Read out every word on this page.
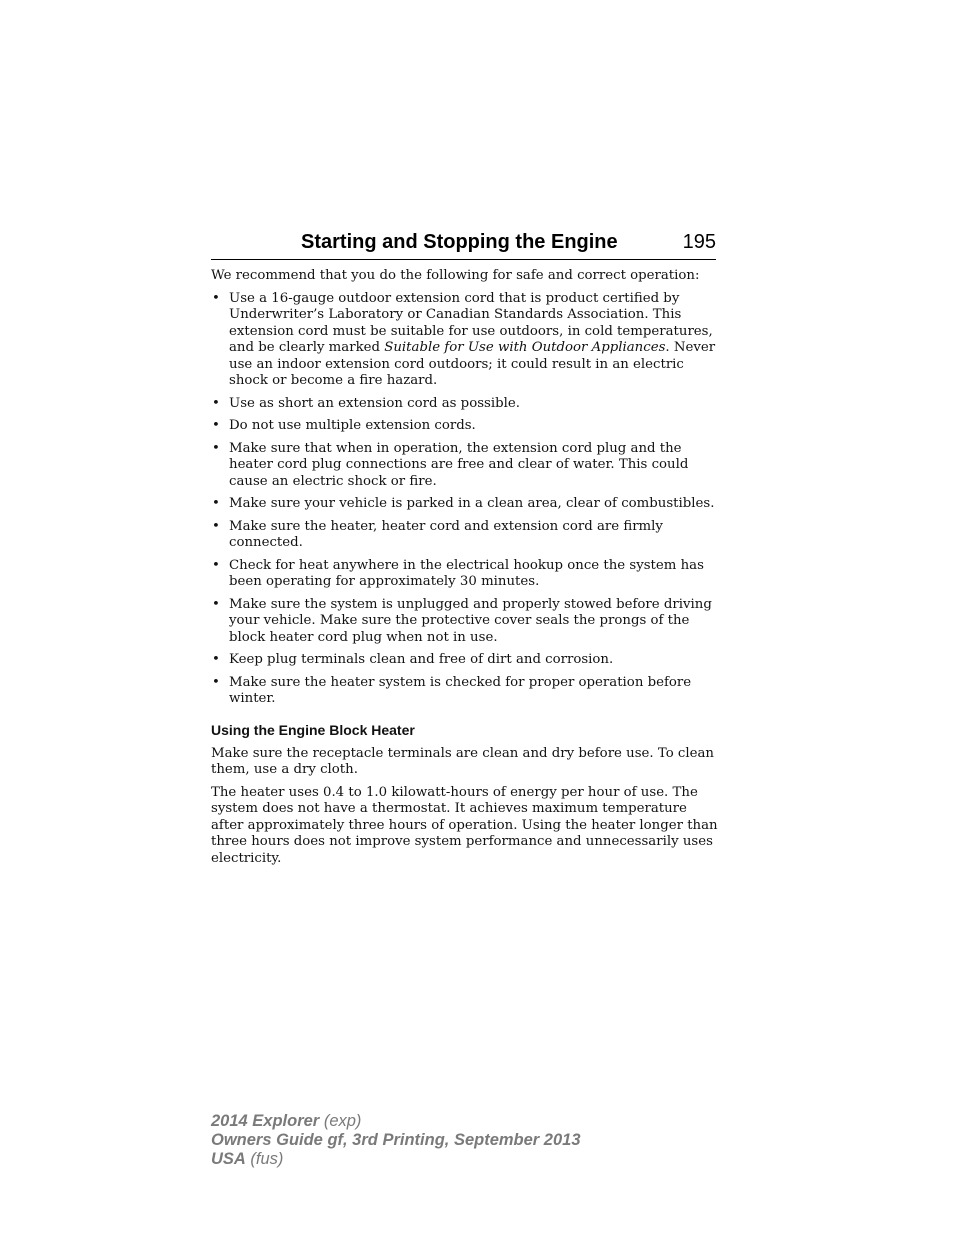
Starting and Stopping the Engine	195

We recommend that you do the following for safe and correct operation:

• Use a 16-gauge outdoor extension cord that is product certified by Underwriter’s Laboratory or Canadian Standards Association. This extension cord must be suitable for use outdoors, in cold temperatures, and be clearly marked Suitable for Use with Outdoor Appliances. Never use an indoor extension cord outdoors; it could result in an electric shock or become a fire hazard.
• Use as short an extension cord as possible.
• Do not use multiple extension cords.
• Make sure that when in operation, the extension cord plug and the heater cord plug connections are free and clear of water. This could cause an electric shock or fire.
• Make sure your vehicle is parked in a clean area, clear of combustibles.
• Make sure the heater, heater cord and extension cord are firmly connected.
• Check for heat anywhere in the electrical hookup once the system has been operating for approximately 30 minutes.
• Make sure the system is unplugged and properly stowed before driving your vehicle. Make sure the protective cover seals the prongs of the block heater cord plug when not in use.
• Keep plug terminals clean and free of dirt and corrosion.
• Make sure the heater system is checked for proper operation before winter.
Using the Engine Block Heater

Make sure the receptacle terminals are clean and dry before use. To clean them, use a dry cloth.

The heater uses 0.4 to 1.0 kilowatt-hours of energy per hour of use. The system does not have a thermostat. It achieves maximum temperature after approximately three hours of operation. Using the heater longer than three hours does not improve system performance and unnecessarily uses electricity.

2014 Explorer (exp)
Owners Guide gf, 3rd Printing, September 2013
USA (fus)
